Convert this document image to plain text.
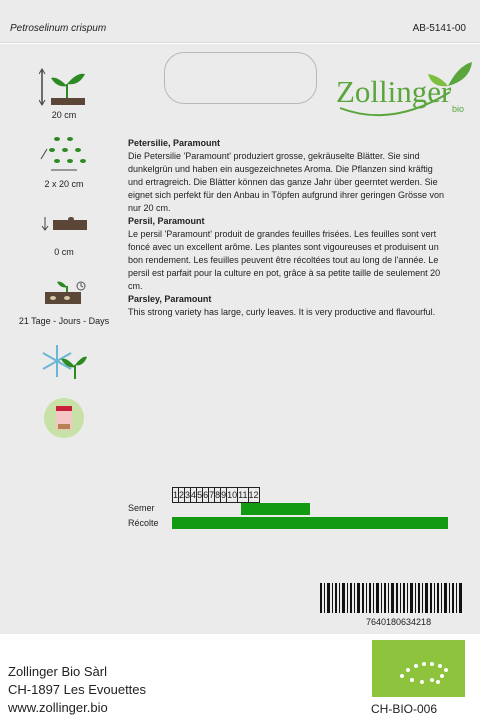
Petroselinum crispum	AB-5141-00
Zollinger bio
20 cm
2 x 20 cm
0 cm
21 Tage - Jours - Days
Petersilie, Paramount

Die Petersilie 'Paramount' produziert grosse, gekräuselte Blätter. Sie sind dunkelgrün und haben ein ausgezeichnetes Aroma. Die Pflanzen sind kräftig und ertragreich. Die Blätter können das ganze Jahr über geerntet werden. Sie eignet sich perfekt für den Anbau in Töpfen aufgrund ihrer geringen Grösse von nur 20 cm.

Persil, Paramount

Le persil 'Paramount' produit de grandes feuilles frisées. Les feuilles sont vert foncé avec un excellent arôme. Les plantes sont vigoureuses et produisent un bon rendement. Les feuilles peuvent être récoltées tout au long de l'année. Le persil est parfait pour la culture en pot, grâce à sa petite taille de seulement 20 cm.

Parsley, Paramount

This strong variety has large, curly leaves. It is very productive and flavourful.

1	2	3	4	5	6	7	8	9	10	11	12
Semer
Récolte
7640180634218
Zollinger Bio Sàrl
CH-1897 Les Evouettes
www.zollinger.bio	CH-BIO-006
